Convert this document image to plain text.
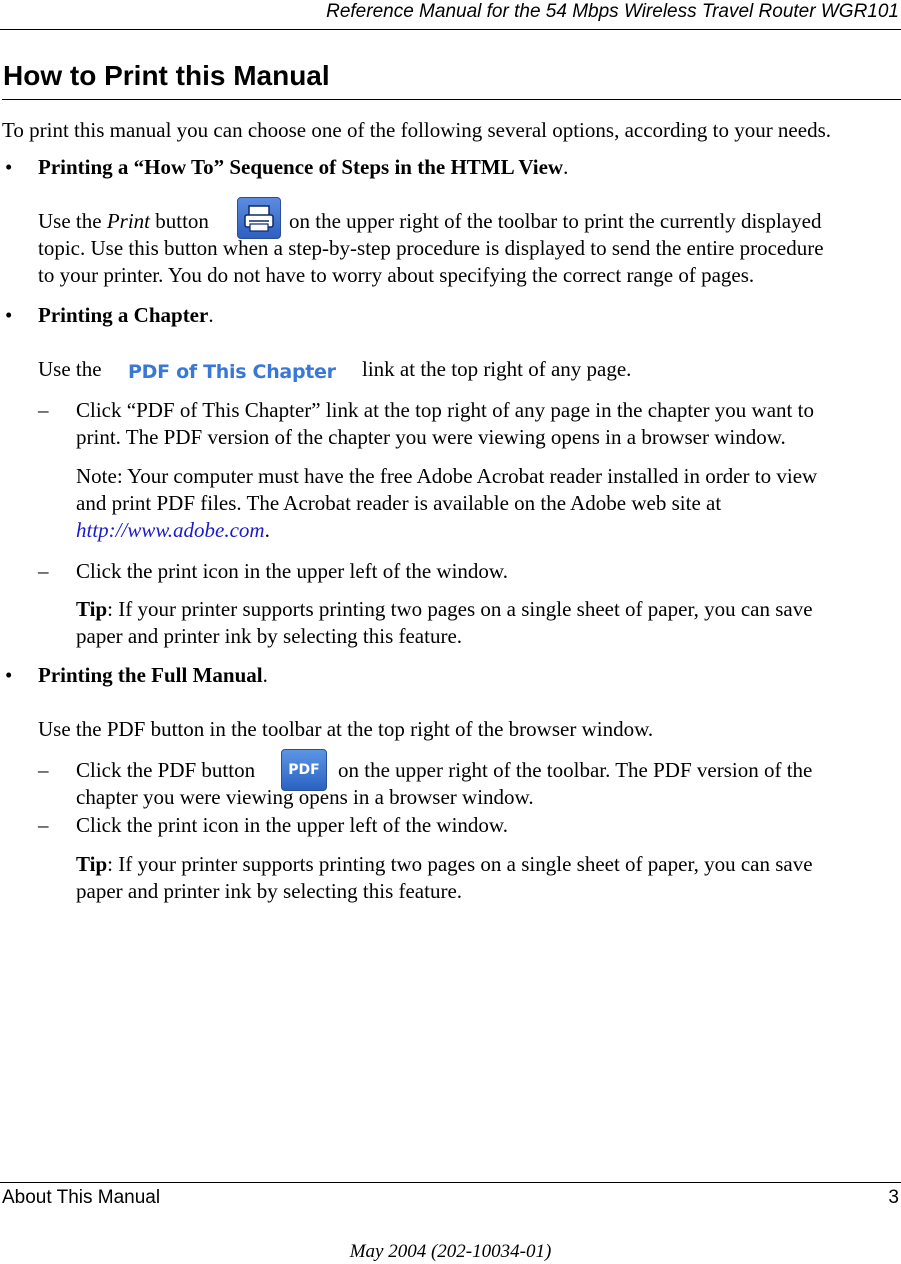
Reference Manual for the 54 Mbps Wireless Travel Router WGR101
How to Print this Manual

To print this manual you can choose one of the following several options, according to your needs.

• Printing a “How To” Sequence of Steps in the HTML View.

Use the Print button	on the upper right of the toolbar to print the currently displayed

topic. Use this button when a step-by-step procedure is displayed to send the entire procedure

to your printer. You do not have to worry about specifying the correct range of pages.

• Printing a Chapter.

Use the PDF of This Chapter	link at the top right of any page.

– Click “PDF of This Chapter” link at the top right of any page in the chapter you want to

print. The PDF version of the chapter you were viewing opens in a browser window.

Note: Your computer must have the free Adobe Acrobat reader installed in order to view

and print PDF files. The Acrobat reader is available on the Adobe web site at

http://www.adobe.com.

– Click the print icon in the upper left of the window.

Tip: If your printer supports printing two pages on a single sheet of paper, you can save

paper and printer ink by selecting this feature.

• Printing the Full Manual.

Use the PDF button in the toolbar at the top right of the browser window.

– Click the PDF button	PDF on the upper right of the toolbar. The PDF version of the

chapter you were viewing opens in a browser window.

– Click the print icon in the upper left of the window.

Tip: If your printer supports printing two pages on a single sheet of paper, you can save

paper and printer ink by selecting this feature.

About This Manual	3
May 2004 (202-10034-01)
